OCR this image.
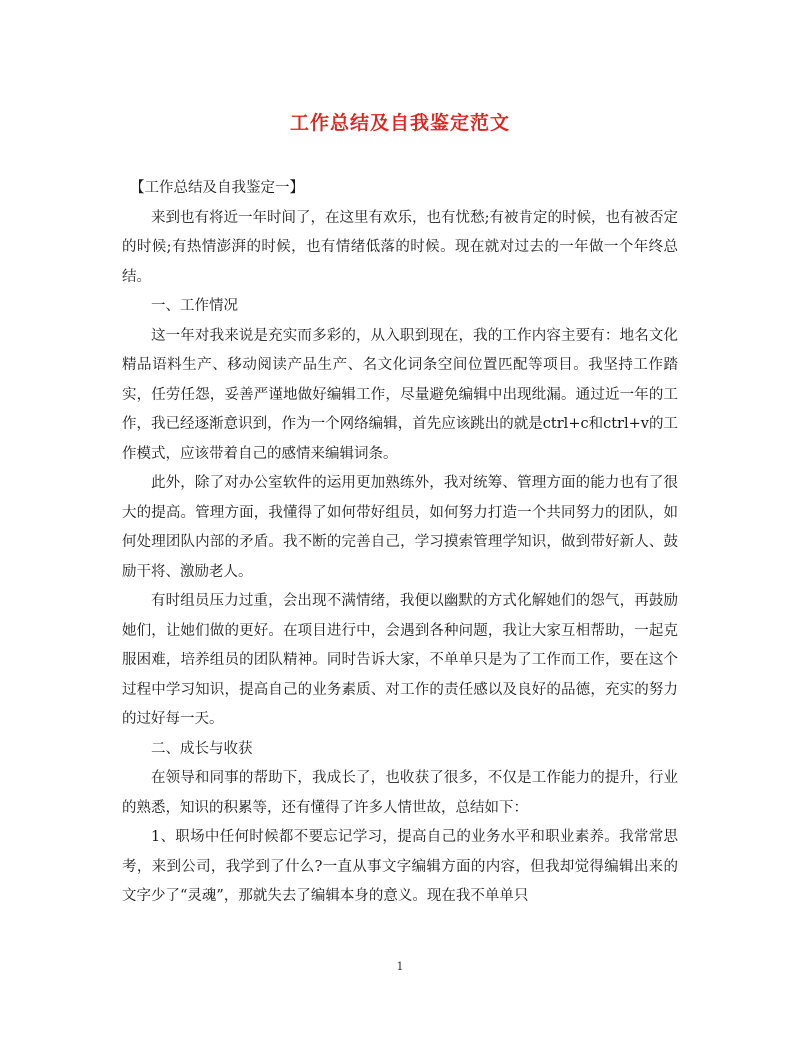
工作总结及自我鉴定范文

【工作总结及自我鉴定一】

来到也有将近一年时间了，在这里有欢乐，也有忧愁;有被肯定的时候，也有被否定的时候;有热情澎湃的时候，也有情绪低落的时候。现在就对过去的一年做一个年终总结。

一、工作情况

这一年对我来说是充实而多彩的，从入职到现在，我的工作内容主要有：地名文化精品语料生产、移动阅读产品生产、名文化词条空间位置匹配等项目。我坚持工作踏实，任劳任怨，妥善严谨地做好编辑工作，尽量避免编辑中出现纰漏。通过近一年的工作，我已经逐渐意识到，作为一个网络编辑，首先应该跳出的就是ctrl+c和ctrl+v的工作模式，应该带着自己的感情来编辑词条。

此外，除了对办公室软件的运用更加熟练外，我对统筹、管理方面的能力也有了很大的提高。管理方面，我懂得了如何带好组员，如何努力打造一个共同努力的团队，如何处理团队内部的矛盾。我不断的完善自己，学习摸索管理学知识，做到带好新人、鼓励干将、激励老人。

有时组员压力过重，会出现不满情绪，我便以幽默的方式化解她们的怨气，再鼓励她们，让她们做的更好。在项目进行中，会遇到各种问题，我让大家互相帮助，一起克服困难，培养组员的团队精神。同时告诉大家，不单单只是为了工作而工作，要在这个过程中学习知识，提高自己的业务素质、对工作的责任感以及良好的品德，充实的努力的过好每一天。

二、成长与收获

在领导和同事的帮助下，我成长了，也收获了很多，不仅是工作能力的提升，行业的熟悉，知识的积累等，还有懂得了许多人情世故，总结如下：

1、职场中任何时候都不要忘记学习，提高自己的业务水平和职业素养。我常常思考，来到公司，我学到了什么?一直从事文字编辑方面的内容，但我却觉得编辑出来的文字少了“灵魂”，那就失去了编辑本身的意义。现在我不单单只

1
